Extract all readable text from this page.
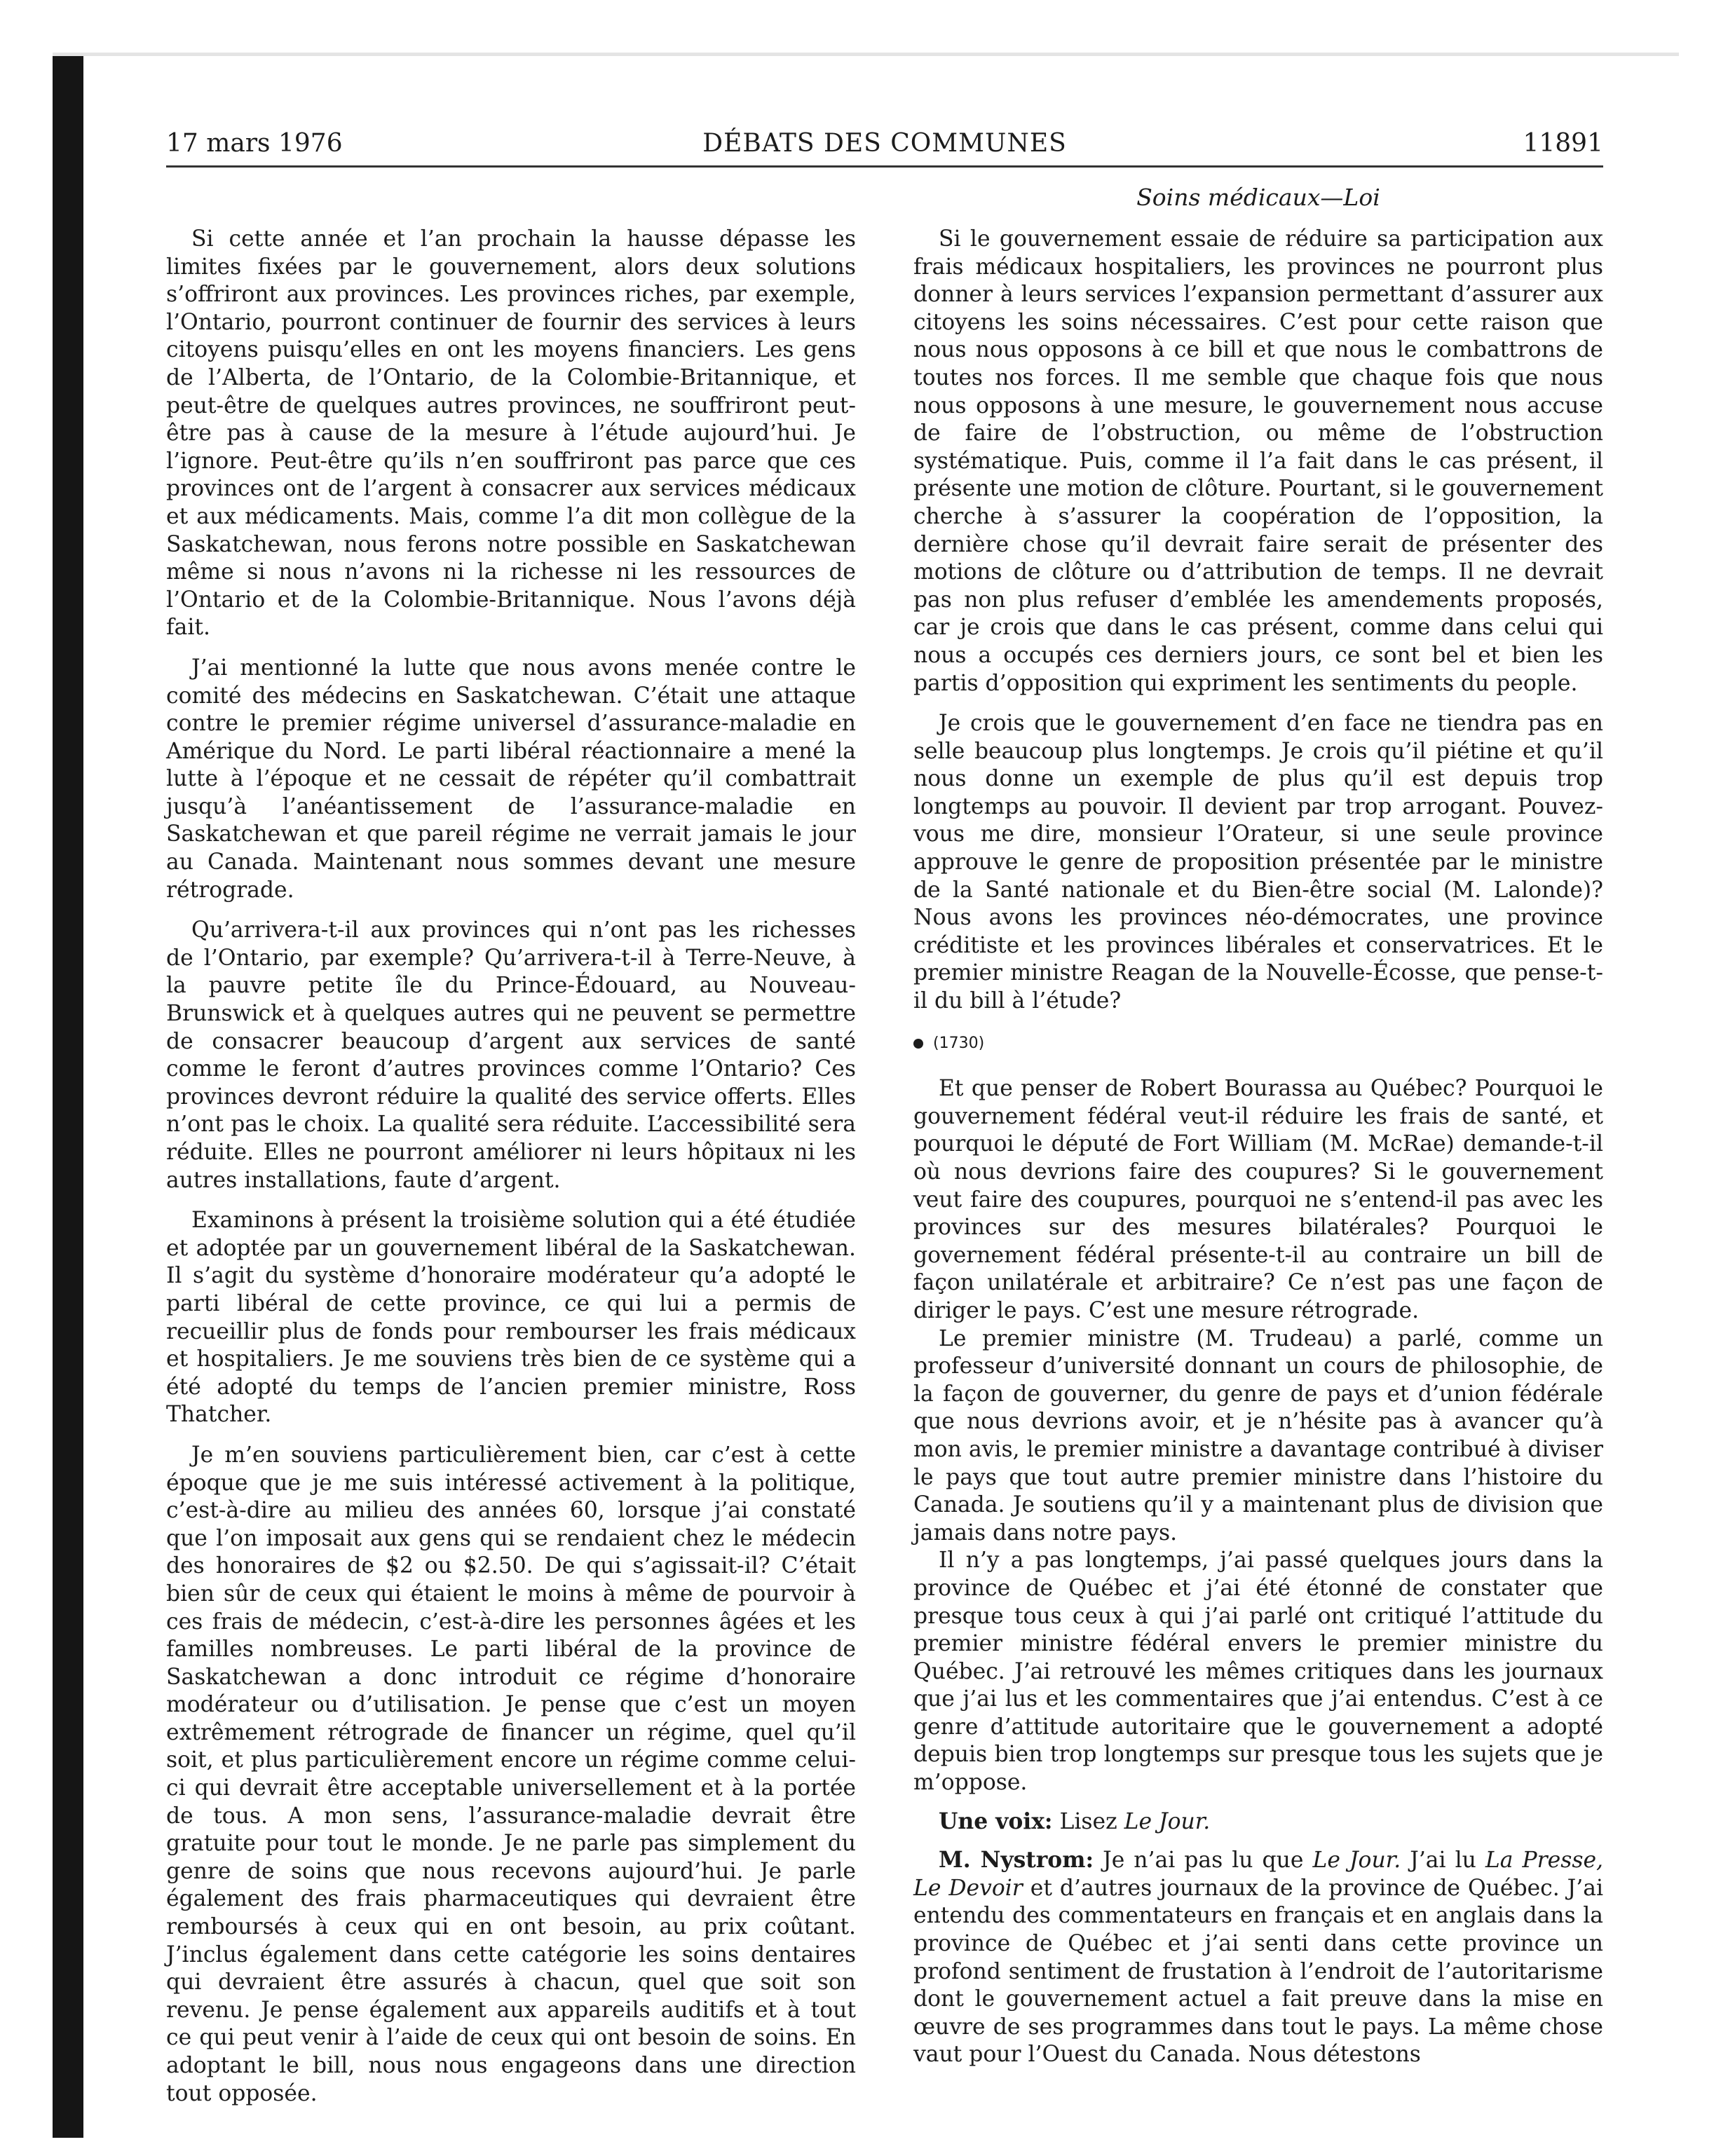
DÉBATS DES COMMUNES
17 mars 1976	11891
Soins médicaux—Loi

Si cette année et l’an prochain la hausse dépasse les limites fixées par le gouvernement, alors deux solutions s’offriront aux provinces. Les provinces riches, par exemple, l’Ontario, pourront continuer de fournir des services à leurs citoyens puisqu’elles en ont les moyens financiers. Les gens de l’Alberta, de l’Ontario, de la Colombie-Britannique, et peut-être de quelques autres provinces, ne souffriront peut-être pas à cause de la mesure à l’étude aujourd’hui. Je l’ignore. Peut-être qu’ils n’en souffriront pas parce que ces provinces ont de l’argent à consacrer aux services médicaux et aux médicaments. Mais, comme l’a dit mon collègue de la Saskatchewan, nous ferons notre possible en Saskatchewan même si nous n’avons ni la richesse ni les ressources de l’Ontario et de la Colombie-Britannique. Nous l’avons déjà fait.

J’ai mentionné la lutte que nous avons menée contre le comité des médecins en Saskatchewan. C’était une attaque contre le premier régime universel d’assurance-maladie en Amérique du Nord. Le parti libéral réactionnaire a mené la lutte à l’époque et ne cessait de répéter qu’il combattrait jusqu’à l’anéantissement de l’assurance-maladie en Saskatchewan et que pareil régime ne verrait jamais le jour au Canada. Maintenant nous sommes devant une mesure rétrograde.

Qu’arrivera-t-il aux provinces qui n’ont pas les richesses de l’Ontario, par exemple? Qu’arrivera-t-il à Terre-Neuve, à la pauvre petite île du Prince-Édouard, au Nouveau-Brunswick et à quelques autres qui ne peuvent se permettre de consacrer beaucoup d’argent aux services de santé comme le feront d’autres provinces comme l’Ontario? Ces provinces devront réduire la qualité des service offerts. Elles n’ont pas le choix. La qualité sera réduite. L’accessibilité sera réduite. Elles ne pourront améliorer ni leurs hôpitaux ni les autres installations, faute d’argent.

Examinons à présent la troisième solution qui a été étudiée et adoptée par un gouvernement libéral de la Saskatchewan. Il s’agit du système d’honoraire modérateur qu’a adopté le parti libéral de cette province, ce qui lui a permis de recueillir plus de fonds pour rembourser les frais médicaux et hospitaliers. Je me souviens très bien de ce système qui a été adopté du temps de l’ancien premier ministre, Ross Thatcher.

Je m’en souviens particulièrement bien, car c’est à cette époque que je me suis intéressé activement à la politique, c’est-à-dire au milieu des années 60, lorsque j’ai constaté que l’on imposait aux gens qui se rendaient chez le médecin des honoraires de $2 ou $2.50. De qui s’agissait-il? C’était bien sûr de ceux qui étaient le moins à même de pourvoir à ces frais de médecin, c’est-à-dire les personnes âgées et les familles nombreuses. Le parti libéral de la province de Saskatchewan a donc introduit ce régime d’honoraire modérateur ou d’utilisation. Je pense que c’est un moyen extrêmement rétrograde de financer un régime, quel qu’il soit, et plus particulièrement encore un régime comme celui-ci qui devrait être acceptable universellement et à la portée de tous. A mon sens, l’assurance-maladie devrait être gratuite pour tout le monde. Je ne parle pas simplement du genre de soins que nous recevons aujourd’hui. Je parle également des frais pharmaceutiques qui devraient être remboursés à ceux qui en ont besoin, au prix coûtant. J’inclus également dans cette catégorie les soins dentaires qui devraient être assurés à chacun, quel que soit son revenu. Je pense également aux appareils auditifs et à tout ce qui peut venir à l’aide de ceux qui ont besoin de soins. En adoptant le bill, nous nous engageons dans une direction tout opposée.

Si le gouvernement essaie de réduire sa participation aux frais médicaux hospitaliers, les provinces ne pourront plus donner à leurs services l’expansion permettant d’assurer aux citoyens les soins nécessaires. C’est pour cette raison que nous nous opposons à ce bill et que nous le combattrons de toutes nos forces. Il me semble que chaque fois que nous nous opposons à une mesure, le gouvernement nous accuse de faire de l’obstruction, ou même de l’obstruction systématique. Puis, comme il l’a fait dans le cas présent, il présente une motion de clôture. Pourtant, si le gouvernement cherche à s’assurer la coopération de l’opposition, la dernière chose qu’il devrait faire serait de présenter des motions de clôture ou d’attribution de temps. Il ne devrait pas non plus refuser d’emblée les amendements proposés, car je crois que dans le cas présent, comme dans celui qui nous a occupés ces derniers jours, ce sont bel et bien les partis d’opposition qui expriment les sentiments du people.

Je crois que le gouvernement d’en face ne tiendra pas en selle beaucoup plus longtemps. Je crois qu’il piétine et qu’il nous donne un exemple de plus qu’il est depuis trop longtemps au pouvoir. Il devient par trop arrogant. Pouvez-vous me dire, monsieur l’Orateur, si une seule province approuve le genre de proposition présentée par le ministre de la Santé nationale et du Bien-être social (M. Lalonde)? Nous avons les provinces néo-démocrates, une province créditiste et les provinces libérales et conservatrices. Et le premier ministre Reagan de la Nouvelle-Écosse, que pense-t-il du bill à l’étude?

(1730)

Et que penser de Robert Bourassa au Québec? Pourquoi le gouvernement fédéral veut-il réduire les frais de santé, et pourquoi le député de Fort William (M. McRae) demande-t-il où nous devrions faire des coupures? Si le gouvernement veut faire des coupures, pourquoi ne s’entend-il pas avec les provinces sur des mesures bilatérales? Pourquoi le governement fédéral présente-t-il au contraire un bill de façon unilatérale et arbitraire? Ce n’est pas une façon de diriger le pays. C’est une mesure rétrograde.

Le premier ministre (M. Trudeau) a parlé, comme un professeur d’université donnant un cours de philosophie, de la façon de gouverner, du genre de pays et d’union fédérale que nous devrions avoir, et je n’hésite pas à avancer qu’à mon avis, le premier ministre a davantage contribué à diviser le pays que tout autre premier ministre dans l’histoire du Canada. Je soutiens qu’il y a maintenant plus de division que jamais dans notre pays.

Il n’y a pas longtemps, j’ai passé quelques jours dans la province de Québec et j’ai été étonné de constater que presque tous ceux à qui j’ai parlé ont critiqué l’attitude du premier ministre fédéral envers le premier ministre du Québec. J’ai retrouvé les mêmes critiques dans les journaux que j’ai lus et les commentaires que j’ai entendus. C’est à ce genre d’attitude autoritaire que le gouvernement a adopté depuis bien trop longtemps sur presque tous les sujets que je m’oppose.

Une voix: Lisez Le Jour.

M. Nystrom: Je n’ai pas lu que Le Jour. J’ai lu La Presse, Le Devoir et d’autres journaux de la province de Québec. J’ai entendu des commentateurs en français et en anglais dans la province de Québec et j’ai senti dans cette province un profond sentiment de frustation à l’endroit de l’autoritarisme dont le gouvernement actuel a fait preuve dans la mise en œuvre de ses programmes dans tout le pays. La même chose vaut pour l’Ouest du Canada. Nous détestons
